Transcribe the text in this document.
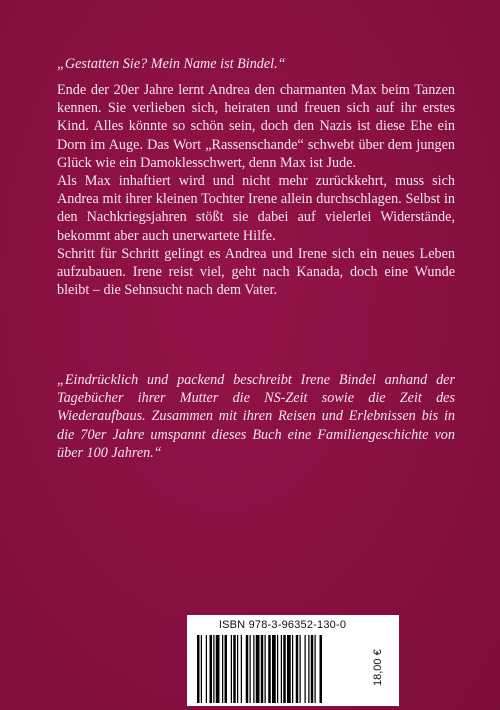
„Gestatten Sie? Mein Name ist Bindel.“

Ende der 20er Jahre lernt Andrea den charmanten Max beim Tanzen kennen. Sie verlieben sich, heiraten und freuen sich auf ihr erstes Kind. Alles könnte so schön sein, doch den Nazis ist diese Ehe ein Dorn im Auge. Das Wort „Rassenschande“ schwebt über dem jungen Glück wie ein Damoklesschwert, denn Max ist Jude.

Als Max inhaftiert wird und nicht mehr zurückkehrt, muss sich Andrea mit ihrer kleinen Tochter Irene allein durchschlagen. Selbst in den Nachkriegsjahren stößt sie dabei auf vielerlei Widerstände, bekommt aber auch unerwartete Hilfe.

Schritt für Schritt gelingt es Andrea und Irene sich ein neues Leben aufzubauen. Irene reist viel, geht nach Kanada, doch eine Wunde bleibt – die Sehnsucht nach dem Vater.

„Eindrücklich und packend beschreibt Irene Bindel anhand der Tagebücher ihrer Mutter die NS-Zeit sowie die Zeit des Wiederaufbaus. Zusammen mit ihren Reisen und Erlebnissen bis in die 70er Jahre umspannt dieses Buch eine Familiengeschichte von über 100 Jahren.“

ISBN 978-3-96352-130-0
18,00 €
